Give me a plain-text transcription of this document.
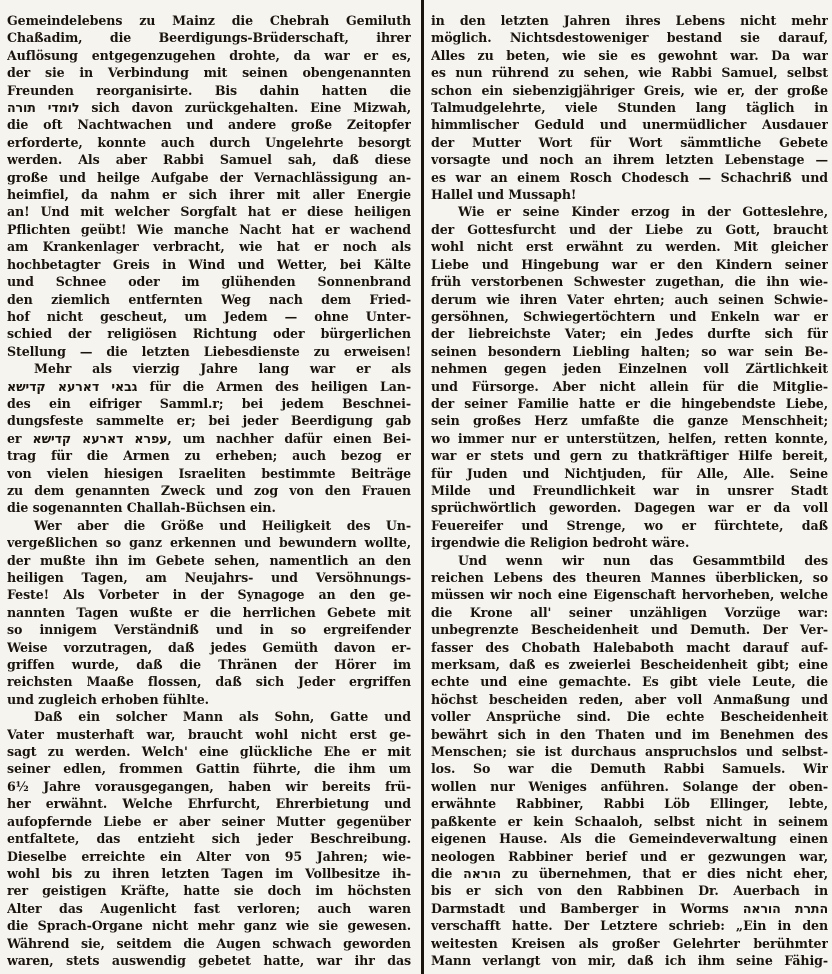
Gemeindelebens zu Mainz die Chebrah Gemiluth
Chaßadim, die Beerdigungs-Brüderschaft, ihrer
Auflösung entgegenzugehen drohte, da war er es,
der sie in Verbindung mit seinen obengenannten
Freunden reorganisirte. Bis dahin hatten die
לומדי תורה sich davon zurückgehalten. Eine Mizwah,
die oft Nachtwachen und andere große Zeitopfer
erforderte, konnte auch durch Ungelehrte besorgt
werden. Als aber Rabbi Samuel sah, daß diese
große und heilge Aufgabe der Vernachlässigung an-
heimfiel, da nahm er sich ihrer mit aller Energie
an! Und mit welcher Sorgfalt hat er diese heiligen
Pflichten geübt! Wie manche Nacht hat er wachend
am Krankenlager verbracht, wie hat er noch als
hochbetagter Greis in Wind und Wetter, bei Kälte
und Schnee oder im glühenden Sonnenbrand
den ziemlich entfernten Weg nach dem Fried-
hof nicht gescheut, um Jedem — ohne Unter-
schied der religiösen Richtung oder bürgerlichen
Stellung — die letzten Liebesdienste zu erweisen!
Mehr als vierzig Jahre lang war er als
גבאי דארעא קדישא für die Armen des heiligen Lan-
des ein eifriger Samml.r; bei jedem Beschnei-
dungsfeste sammelte er; bei jeder Beerdigung gab
er עפרא דארעא קדישא, um nachher dafür einen Bei-
trag für die Armen zu erheben; auch bezog er
von vielen hiesigen Israeliten bestimmte Beiträge
zu dem genannten Zweck und zog von den Frauen
die sogenannten Challah-Büchsen ein.
Wer aber die Größe und Heiligkeit des Un-
vergeßlichen so ganz erkennen und bewundern wollte,
der mußte ihn im Gebete sehen, namentlich an den
heiligen Tagen, am Neujahrs- und Versöhnungs-
Feste! Als Vorbeter in der Synagoge an den ge-
nannten Tagen wußte er die herrlichen Gebete mit
so innigem Verständniß und in so ergreifender
Weise vorzutragen, daß jedes Gemüth davon er-
griffen wurde, daß die Thränen der Hörer im
reichsten Maaße flossen, daß sich Jeder ergriffen
und zugleich erhoben fühlte.
Daß ein solcher Mann als Sohn, Gatte und
Vater musterhaft war, braucht wohl nicht erst ge-
sagt zu werden. Welch' eine glückliche Ehe er mit
seiner edlen, frommen Gattin führte, die ihm um
6½ Jahre vorausgegangen, haben wir bereits frü-
her erwähnt. Welche Ehrfurcht, Ehrerbietung und
aufopfernde Liebe er aber seiner Mutter gegenüber
entfaltete, das entzieht sich jeder Beschreibung.
Dieselbe erreichte ein Alter von 95 Jahren; wie-
wohl bis zu ihren letzten Tagen im Vollbesitze ih-
rer geistigen Kräfte, hatte sie doch im höchsten
Alter das Augenlicht fast verloren; auch waren
die Sprach-Organe nicht mehr ganz wie sie gewesen.
Während sie, seitdem die Augen schwach geworden
waren, stets auswendig gebetet hatte, war ihr das
in den letzten Jahren ihres Lebens nicht mehr
möglich. Nichtsdestoweniger bestand sie darauf,
Alles zu beten, wie sie es gewohnt war. Da war
es nun rührend zu sehen, wie Rabbi Samuel, selbst
schon ein siebenzigjähriger Greis, wie er, der große
Talmudgelehrte, viele Stunden lang täglich in
himmlischer Geduld und unermüdlicher Ausdauer
der Mutter Wort für Wort sämmtliche Gebete
vorsagte und noch an ihrem letzten Lebenstage —
es war an einem Rosch Chodesch — Schachriß und
Hallel und Mussaph!
Wie er seine Kinder erzog in der Gotteslehre,
der Gottesfurcht und der Liebe zu Gott, braucht
wohl nicht erst erwähnt zu werden. Mit gleicher
Liebe und Hingebung war er den Kindern seiner
früh verstorbenen Schwester zugethan, die ihn wie-
derum wie ihren Vater ehrten; auch seinen Schwie-
gersöhnen, Schwiegertöchtern und Enkeln war er
der liebreichste Vater; ein Jedes durfte sich für
seinen besondern Liebling halten; so war sein Be-
nehmen gegen jeden Einzelnen voll Zärtlichkeit
und Fürsorge. Aber nicht allein für die Mitglie-
der seiner Familie hatte er die hingebendste Liebe,
sein großes Herz umfaßte die ganze Menschheit;
wo immer nur er unterstützen, helfen, retten konnte,
war er stets und gern zu thatkräftiger Hilfe bereit,
für Juden und Nichtjuden, für Alle, Alle. Seine
Milde und Freundlichkeit war in unsrer Stadt
sprüchwörtlich geworden. Dagegen war er da voll
Feuereifer und Strenge, wo er fürchtete, daß
irgendwie die Religion bedroht wäre.
Und wenn wir nun das Gesammtbild des
reichen Lebens des theuren Mannes überblicken, so
müssen wir noch eine Eigenschaft hervorheben, welche
die Krone all' seiner unzähligen Vorzüge war:
unbegrenzte Bescheidenheit und Demuth. Der Ver-
fasser des Chobath Halebaboth macht darauf auf-
merksam, daß es zweierlei Bescheidenheit gibt; eine
echte und eine gemachte. Es gibt viele Leute, die
höchst bescheiden reden, aber voll Anmaßung und
voller Ansprüche sind. Die echte Bescheidenheit
bewährt sich in den Thaten und im Benehmen des
Menschen; sie ist durchaus anspruchslos und selbst-
los. So war die Demuth Rabbi Samuels. Wir
wollen nur Weniges anführen. Solange der oben-
erwähnte Rabbiner, Rabbi Löb Ellinger, lebte,
paßkente er kein Schaaloh, selbst nicht in seinem
eigenen Hause. Als die Gemeindeverwaltung einen
neologen Rabbiner berief und er gezwungen war,
die הוראה zu übernehmen, that er dies nicht eher,
bis er sich von den Rabbinen Dr. Auerbach in
Darmstadt und Bamberger in Worms התרת הוראה
verschafft hatte. Der Letztere schrieb: „Ein in den
weitesten Kreisen als großer Gelehrter berühmter
Mann verlangt von mir, daß ich ihm seine Fähig-
